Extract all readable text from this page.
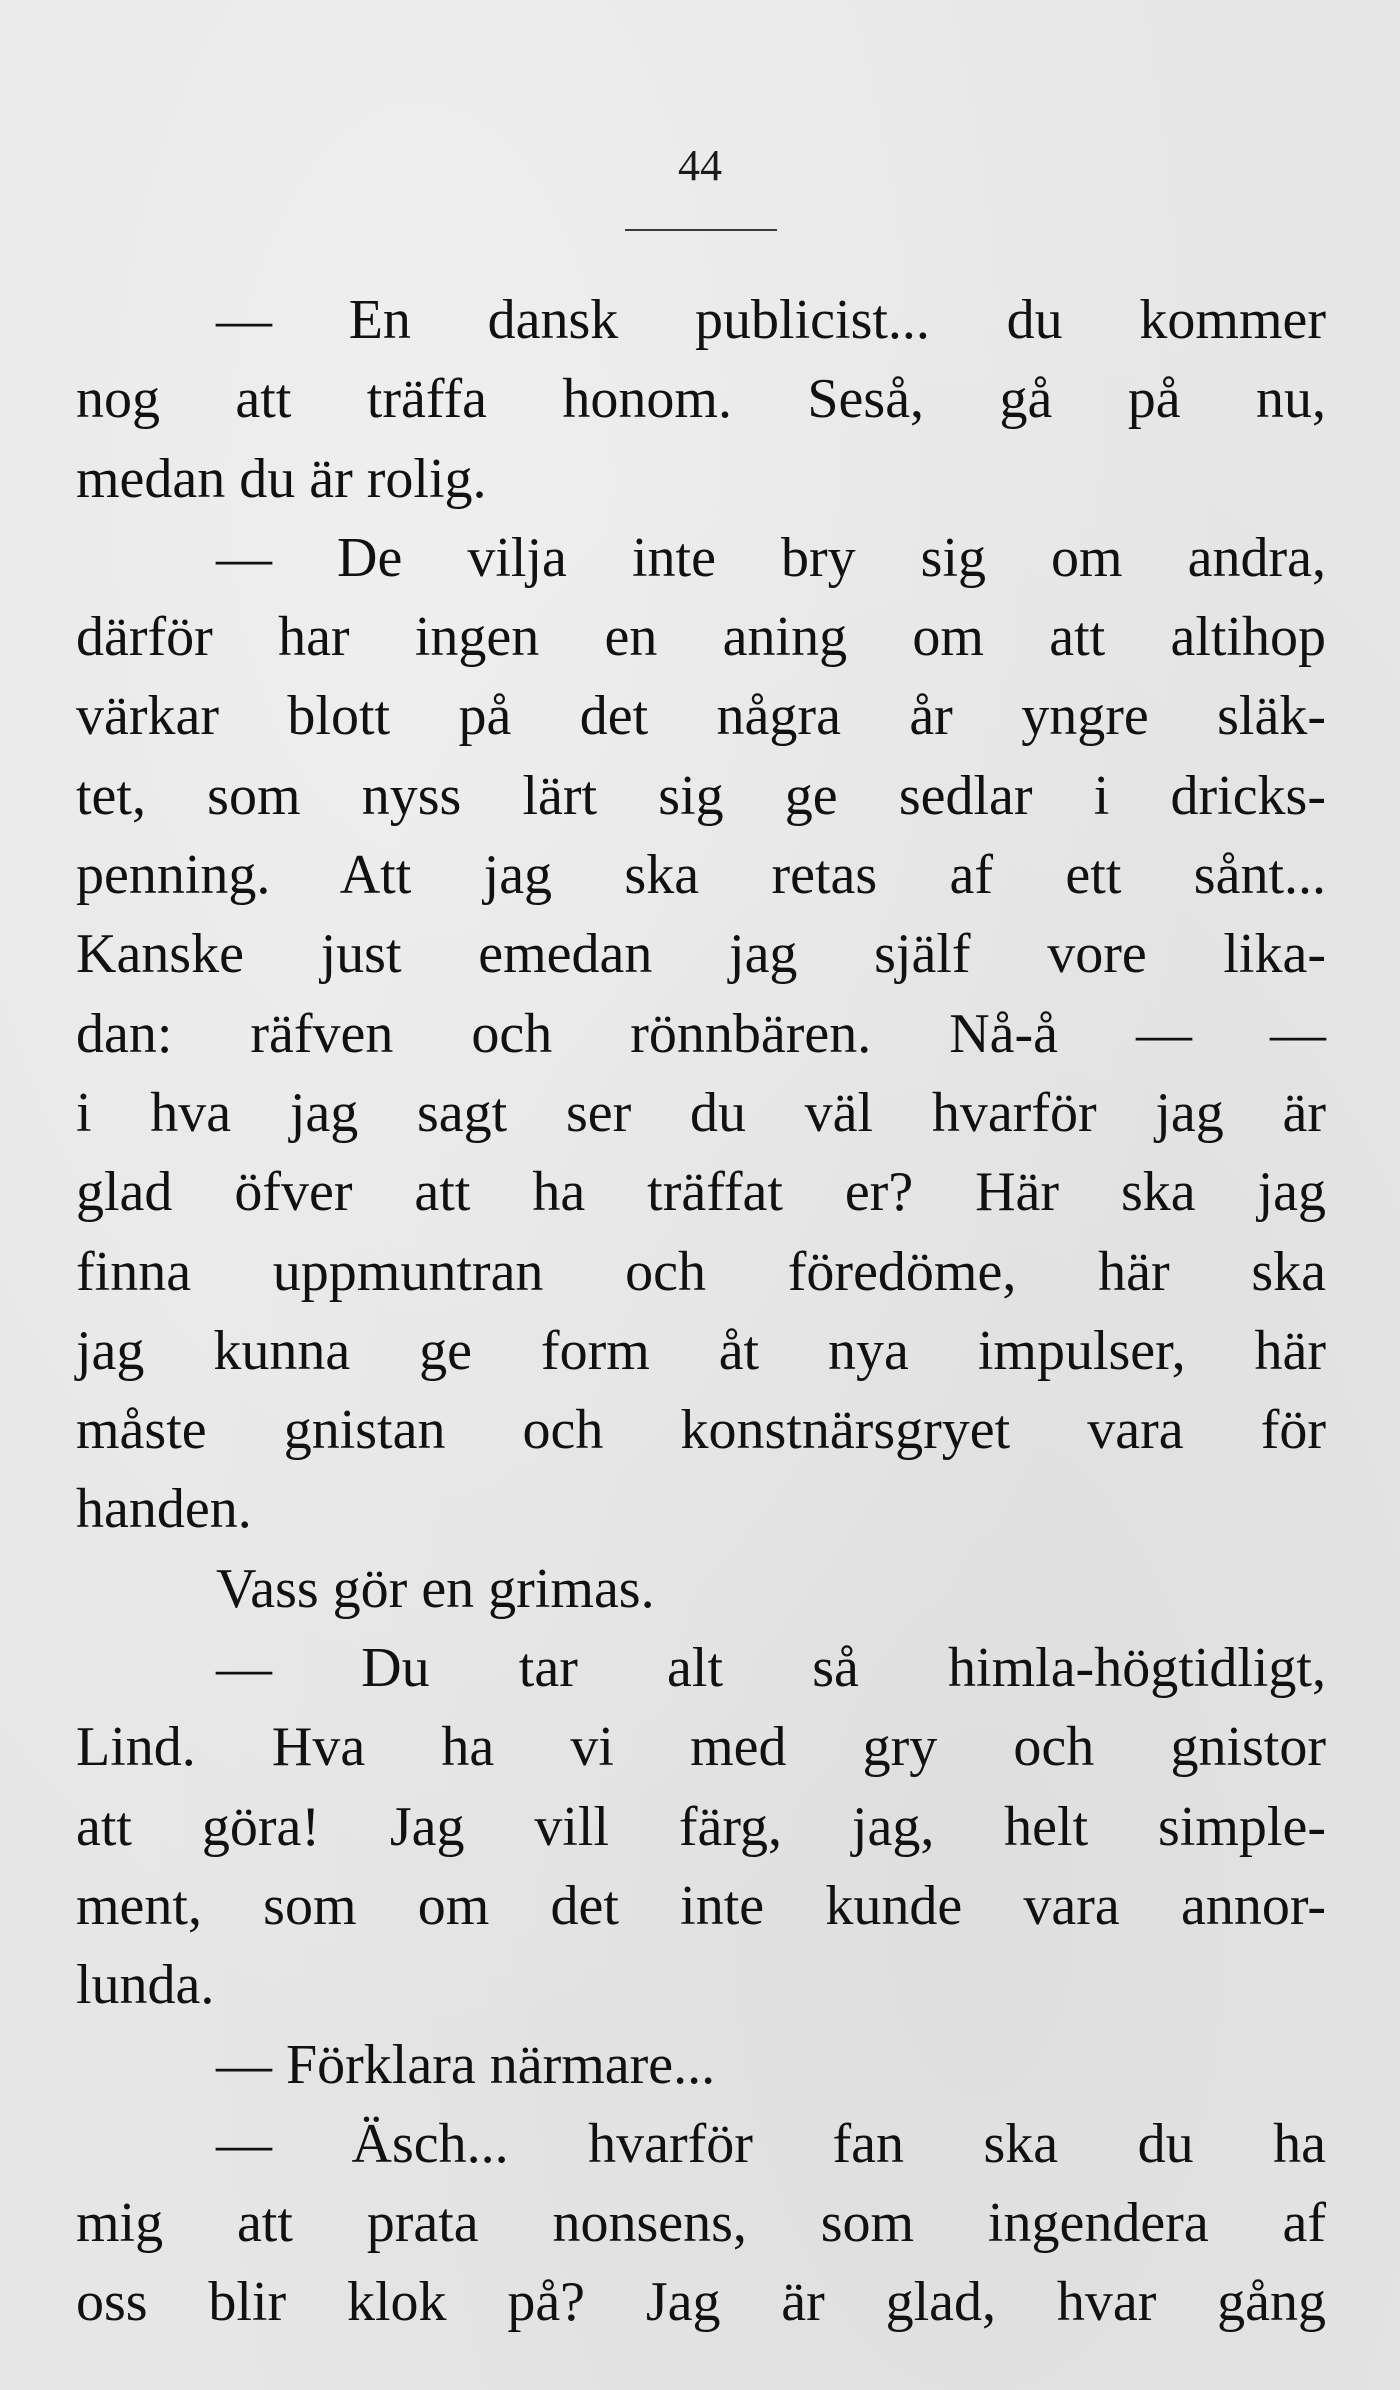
44
— En dansk publicist... du kommer
nog att träffa honom. Seså, gå på nu,
medan du är rolig.
— De vilja inte bry sig om andra,
därför har ingen en aning om att altihop
värkar blott på det några år yngre släk-
tet, som nyss lärt sig ge sedlar i dricks-
penning. Att jag ska retas af ett sånt...
Kanske just emedan jag själf vore lika-
dan: räfven och rönnbären. Nå-å — —
i hva jag sagt ser du väl hvarför jag är
glad öfver att ha träffat er? Här ska jag
finna uppmuntran och föredöme, här ska
jag kunna ge form åt nya impulser, här
måste gnistan och konstnärsgryet vara för
handen.
Vass gör en grimas.
— Du tar alt så himla-högtidligt,
Lind. Hva ha vi med gry och gnistor
att göra! Jag vill färg, jag, helt simple-
ment, som om det inte kunde vara annor-
lunda.
— Förklara närmare...
— Äsch... hvarför fan ska du ha
mig att prata nonsens, som ingendera af
oss blir klok på? Jag är glad, hvar gång
